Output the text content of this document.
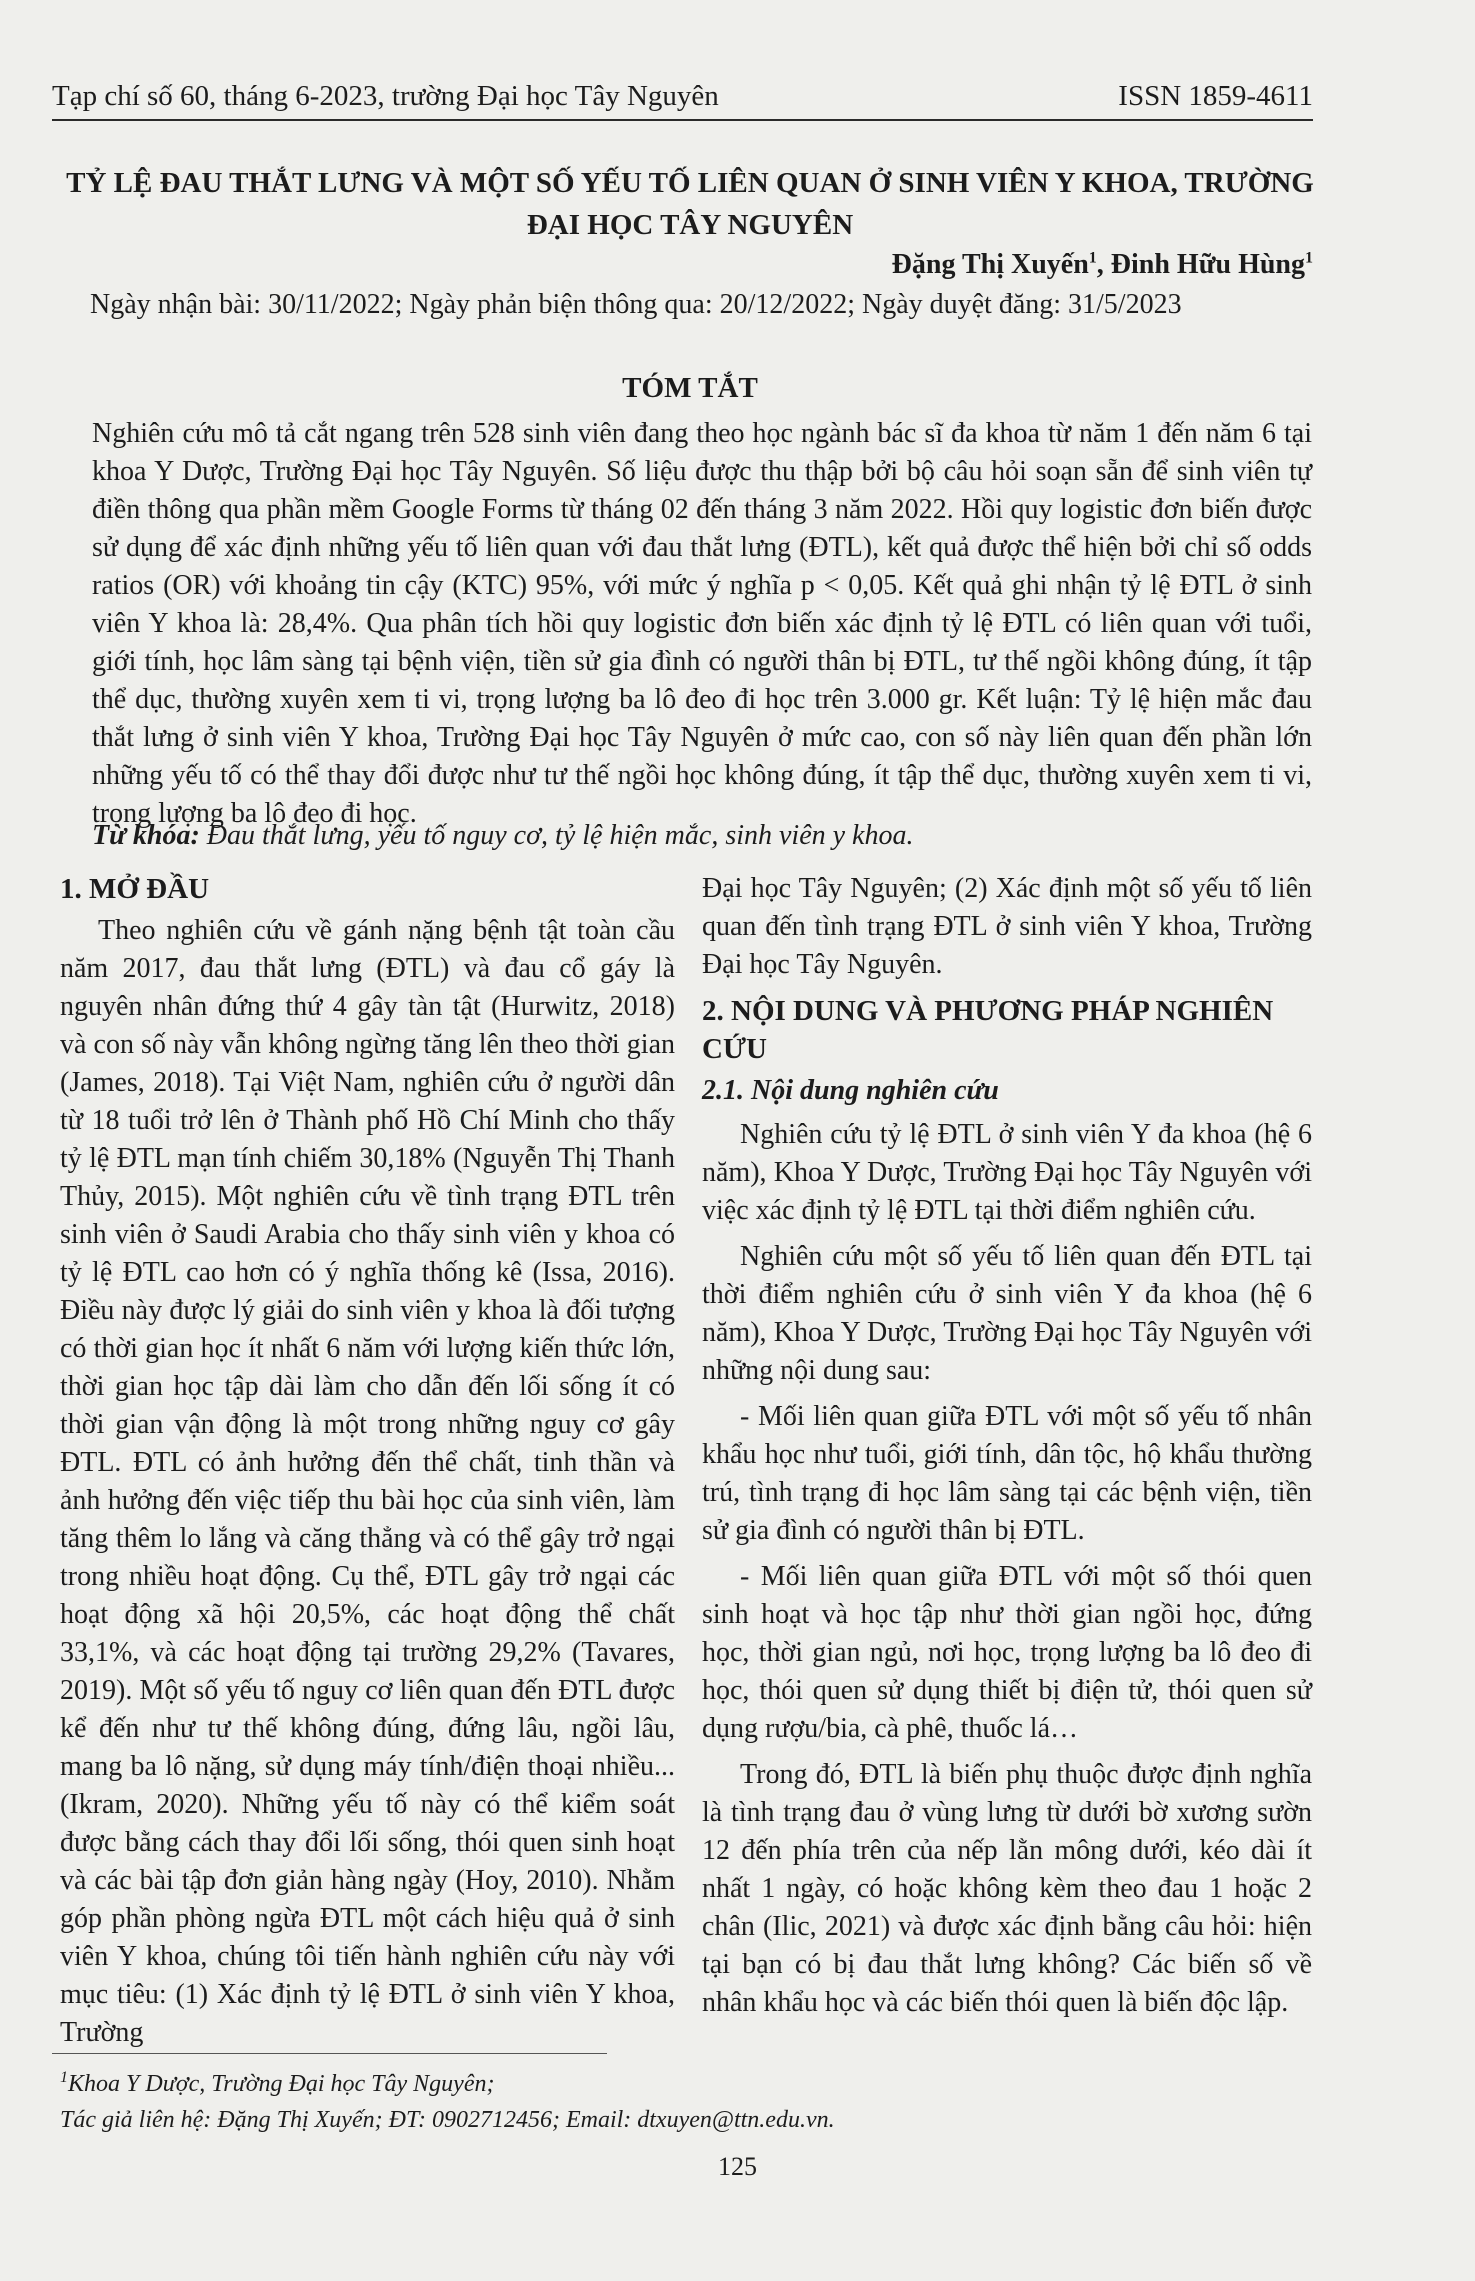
Tạp chí số 60, tháng 6-2023, trường Đại học Tây Nguyên	ISSN 1859-4611
TỶ LỆ ĐAU THẮT LƯNG VÀ MỘT SỐ YẾU TỐ LIÊN QUAN Ở SINH VIÊN Y KHOA, TRƯỜNG ĐẠI HỌC TÂY NGUYÊN
Đặng Thị Xuyến$^1$, Đinh Hữu Hùng$^1$
Ngày nhận bài: 30/11/2022; Ngày phản biện thông qua: 20/12/2022; Ngày duyệt đăng: 31/5/2023
TÓM TẮT
Nghiên cứu mô tả cắt ngang trên 528 sinh viên đang theo học ngành bác sĩ đa khoa từ năm 1 đến năm 6 tại khoa Y Dược, Trường Đại học Tây Nguyên. Số liệu được thu thập bởi bộ câu hỏi soạn sẵn để sinh viên tự điền thông qua phần mềm Google Forms từ tháng 02 đến tháng 3 năm 2022. Hồi quy logistic đơn biến được sử dụng để xác định những yếu tố liên quan với đau thắt lưng (ĐTL), kết quả được thể hiện bởi chỉ số odds ratios (OR) với khoảng tin cậy (KTC) 95%, với mức ý nghĩa p < 0,05. Kết quả ghi nhận tỷ lệ ĐTL ở sinh viên Y khoa là: 28,4%. Qua phân tích hồi quy logistic đơn biến xác định tỷ lệ ĐTL có liên quan với tuổi, giới tính, học lâm sàng tại bệnh viện, tiền sử gia đình có người thân bị ĐTL, tư thế ngồi không đúng, ít tập thể dục, thường xuyên xem ti vi, trọng lượng ba lô đeo đi học trên 3.000 gr. Kết luận: Tỷ lệ hiện mắc đau thắt lưng ở sinh viên Y khoa, Trường Đại học Tây Nguyên ở mức cao, con số này liên quan đến phần lớn những yếu tố có thể thay đổi được như tư thế ngồi học không đúng, ít tập thể dục, thường xuyên xem ti vi, trọng lượng ba lô đeo đi học.
Từ khóa: Đau thắt lưng, yếu tố nguy cơ, tỷ lệ hiện mắc, sinh viên y khoa.
1. MỞ ĐẦU

Theo nghiên cứu về gánh nặng bệnh tật toàn cầu năm 2017, đau thắt lưng (ĐTL) và đau cổ gáy là nguyên nhân đứng thứ 4 gây tàn tật (Hurwitz, 2018) và con số này vẫn không ngừng tăng lên theo thời gian (James, 2018). Tại Việt Nam, nghiên cứu ở người dân từ 18 tuổi trở lên ở Thành phố Hồ Chí Minh cho thấy tỷ lệ ĐTL mạn tính chiếm 30,18% (Nguyễn Thị Thanh Thủy, 2015). Một nghiên cứu về tình trạng ĐTL trên sinh viên ở Saudi Arabia cho thấy sinh viên y khoa có tỷ lệ ĐTL cao hơn có ý nghĩa thống kê (Issa, 2016). Điều này được lý giải do sinh viên y khoa là đối tượng có thời gian học ít nhất 6 năm với lượng kiến thức lớn, thời gian học tập dài làm cho dẫn đến lối sống ít có thời gian vận động là một trong những nguy cơ gây ĐTL. ĐTL có ảnh hưởng đến thể chất, tinh thần và ảnh hưởng đến việc tiếp thu bài học của sinh viên, làm tăng thêm lo lắng và căng thẳng và có thể gây trở ngại trong nhiều hoạt động. Cụ thể, ĐTL gây trở ngại các hoạt động xã hội 20,5%, các hoạt động thể chất 33,1%, và các hoạt động tại trường 29,2% (Tavares, 2019). Một số yếu tố nguy cơ liên quan đến ĐTL được kể đến như tư thế không đúng, đứng lâu, ngồi lâu, mang ba lô nặng, sử dụng máy tính/điện thoại nhiều... (Ikram, 2020). Những yếu tố này có thể kiểm soát được bằng cách thay đổi lối sống, thói quen sinh hoạt và các bài tập đơn giản hàng ngày (Hoy, 2010). Nhằm góp phần phòng ngừa ĐTL một cách hiệu quả ở sinh viên Y khoa, chúng tôi tiến hành nghiên cứu này với mục tiêu: (1) Xác định tỷ lệ ĐTL ở sinh viên Y khoa, Trường

Đại học Tây Nguyên; (2) Xác định một số yếu tố liên quan đến tình trạng ĐTL ở sinh viên Y khoa, Trường Đại học Tây Nguyên.

2. NỘI DUNG VÀ PHƯƠNG PHÁP NGHIÊN CỨU
2.1. Nội dung nghiên cứu

Nghiên cứu tỷ lệ ĐTL ở sinh viên Y đa khoa (hệ 6 năm), Khoa Y Dược, Trường Đại học Tây Nguyên với việc xác định tỷ lệ ĐTL tại thời điểm nghiên cứu.

Nghiên cứu một số yếu tố liên quan đến ĐTL tại thời điểm nghiên cứu ở sinh viên Y đa khoa (hệ 6 năm), Khoa Y Dược, Trường Đại học Tây Nguyên với những nội dung sau:

- Mối liên quan giữa ĐTL với một số yếu tố nhân khẩu học như tuổi, giới tính, dân tộc, hộ khẩu thường trú, tình trạng đi học lâm sàng tại các bệnh viện, tiền sử gia đình có người thân bị ĐTL.

- Mối liên quan giữa ĐTL với một số thói quen sinh hoạt và học tập như thời gian ngồi học, đứng học, thời gian ngủ, nơi học, trọng lượng ba lô đeo đi học, thói quen sử dụng thiết bị điện tử, thói quen sử dụng rượu/bia, cà phê, thuốc lá…

Trong đó, ĐTL là biến phụ thuộc được định nghĩa là tình trạng đau ở vùng lưng từ dưới bờ xương sườn 12 đến phía trên của nếp lằn mông dưới, kéo dài ít nhất 1 ngày, có hoặc không kèm theo đau 1 hoặc 2 chân (Ilic, 2021) và được xác định bằng câu hỏi: hiện tại bạn có bị đau thắt lưng không? Các biến số về nhân khẩu học và các biến thói quen là biến độc lập.

$^1$Khoa Y Dược, Trường Đại học Tây Nguyên;
Tác giả liên hệ: Đặng Thị Xuyến; ĐT: 0902712456; Email: dtxuyen@ttn.edu.vn.
125
